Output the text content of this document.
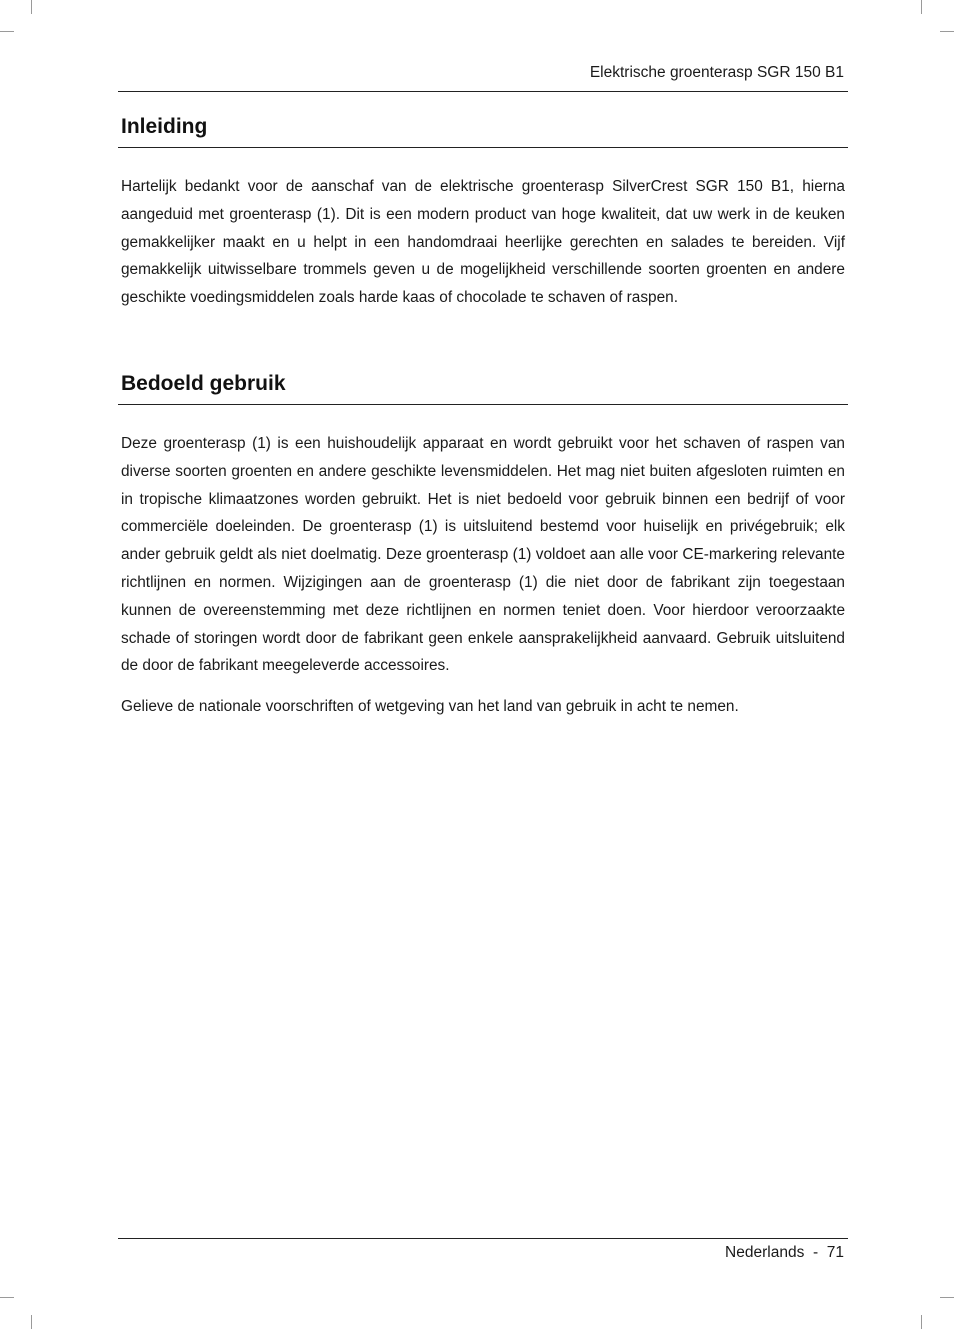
Elektrische groenterasp SGR 150 B1
Inleiding

Hartelijk bedankt voor de aanschaf van de elektrische groenterasp SilverCrest SGR 150 B1, hierna aangeduid met groenterasp (1). Dit is een modern product van hoge kwaliteit, dat uw werk in de keuken gemakkelijker maakt en u helpt in een handomdraai heerlijke gerechten en salades te bereiden. Vijf gemakkelijk uitwisselbare trommels geven u de mogelijkheid verschillende soorten groenten en andere geschikte voedingsmiddelen zoals harde kaas of chocolade te schaven of raspen.

Bedoeld gebruik

Deze groenterasp (1) is een huishoudelijk apparaat en wordt gebruikt voor het schaven of raspen van diverse soorten groenten en andere geschikte levensmiddelen. Het mag niet buiten afgesloten ruimten en in tropische klimaatzones worden gebruikt. Het is niet bedoeld voor gebruik binnen een bedrijf of voor commerciële doeleinden. De groenterasp (1) is uitsluitend bestemd voor huiselijk en privégebruik; elk ander gebruik geldt als niet doelmatig. Deze groenterasp (1) voldoet aan alle voor CE-markering relevante richtlijnen en normen. Wijzigingen aan de groenterasp (1) die niet door de fabrikant zijn toegestaan kunnen de overeenstemming met deze richtlijnen en normen teniet doen. Voor hierdoor veroorzaakte schade of storingen wordt door de fabrikant geen enkele aansprakelijkheid aanvaard. Gebruik uitsluitend de door de fabrikant meegeleverde accessoires.

Gelieve de nationale voorschriften of wetgeving van het land van gebruik in acht te nemen.

Nederlands - 71
